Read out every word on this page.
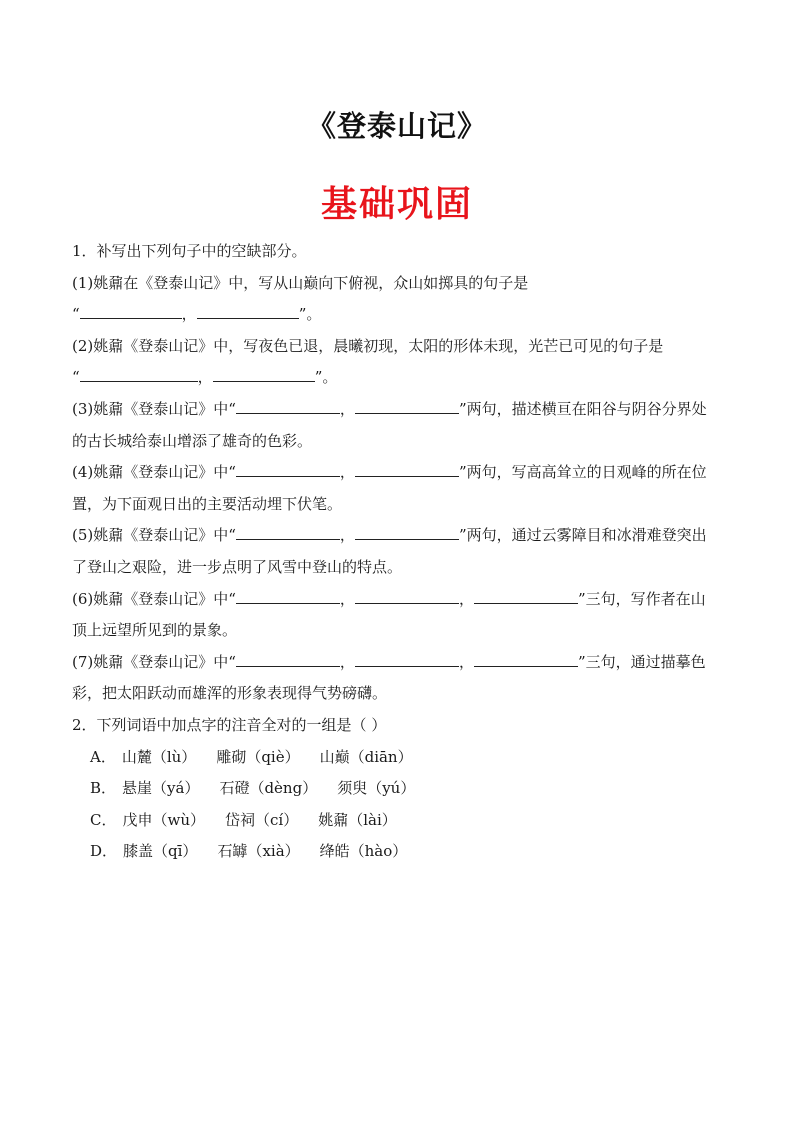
《登泰山记》
基础巩固
1．补写出下列句子中的空缺部分。
(1)姚鼐在《登泰山记》中，写从山巅向下俯视，众山如掷具的句子是
“	，	”。
(2)姚鼐《登泰山记》中，写夜色已退，晨曦初现，太阳的形体未现，光芒已可见的句子是
“	，	”。
(3)姚鼐《登泰山记》中“	，	”两句，描述横亘在阳谷与阴谷分界处
的古长城给泰山增添了雄奇的色彩。
(4)姚鼐《登泰山记》中“	，	”两句，写高高耸立的日观峰的所在位
置，为下面观日出的主要活动埋下伏笔。
(5)姚鼐《登泰山记》中“	，	”两句，通过云雾障目和冰滑难登突出
了登山之艰险，进一步点明了风雪中登山的特点。
(6)姚鼐《登泰山记》中“	，	，	”三句，写作者在山
顶上远望所见到的景象。
(7)姚鼐《登泰山记》中“	，	，	”三句，通过描摹色
彩，把太阳跃动而雄浑的形象表现得气势磅礴。
2．下列词语中加点字的注音全对的一组是（ ）
A． 山麓（lù） 雕砌（qiè） 山巅（diān）
B． 悬崖（yá） 石磴（dèng） 须臾（yú）
C． 戊申（wù） 岱祠（cí） 姚鼐（lài）
D． 膝盖（qī） 石罅（xià） 绛皓（hào）
